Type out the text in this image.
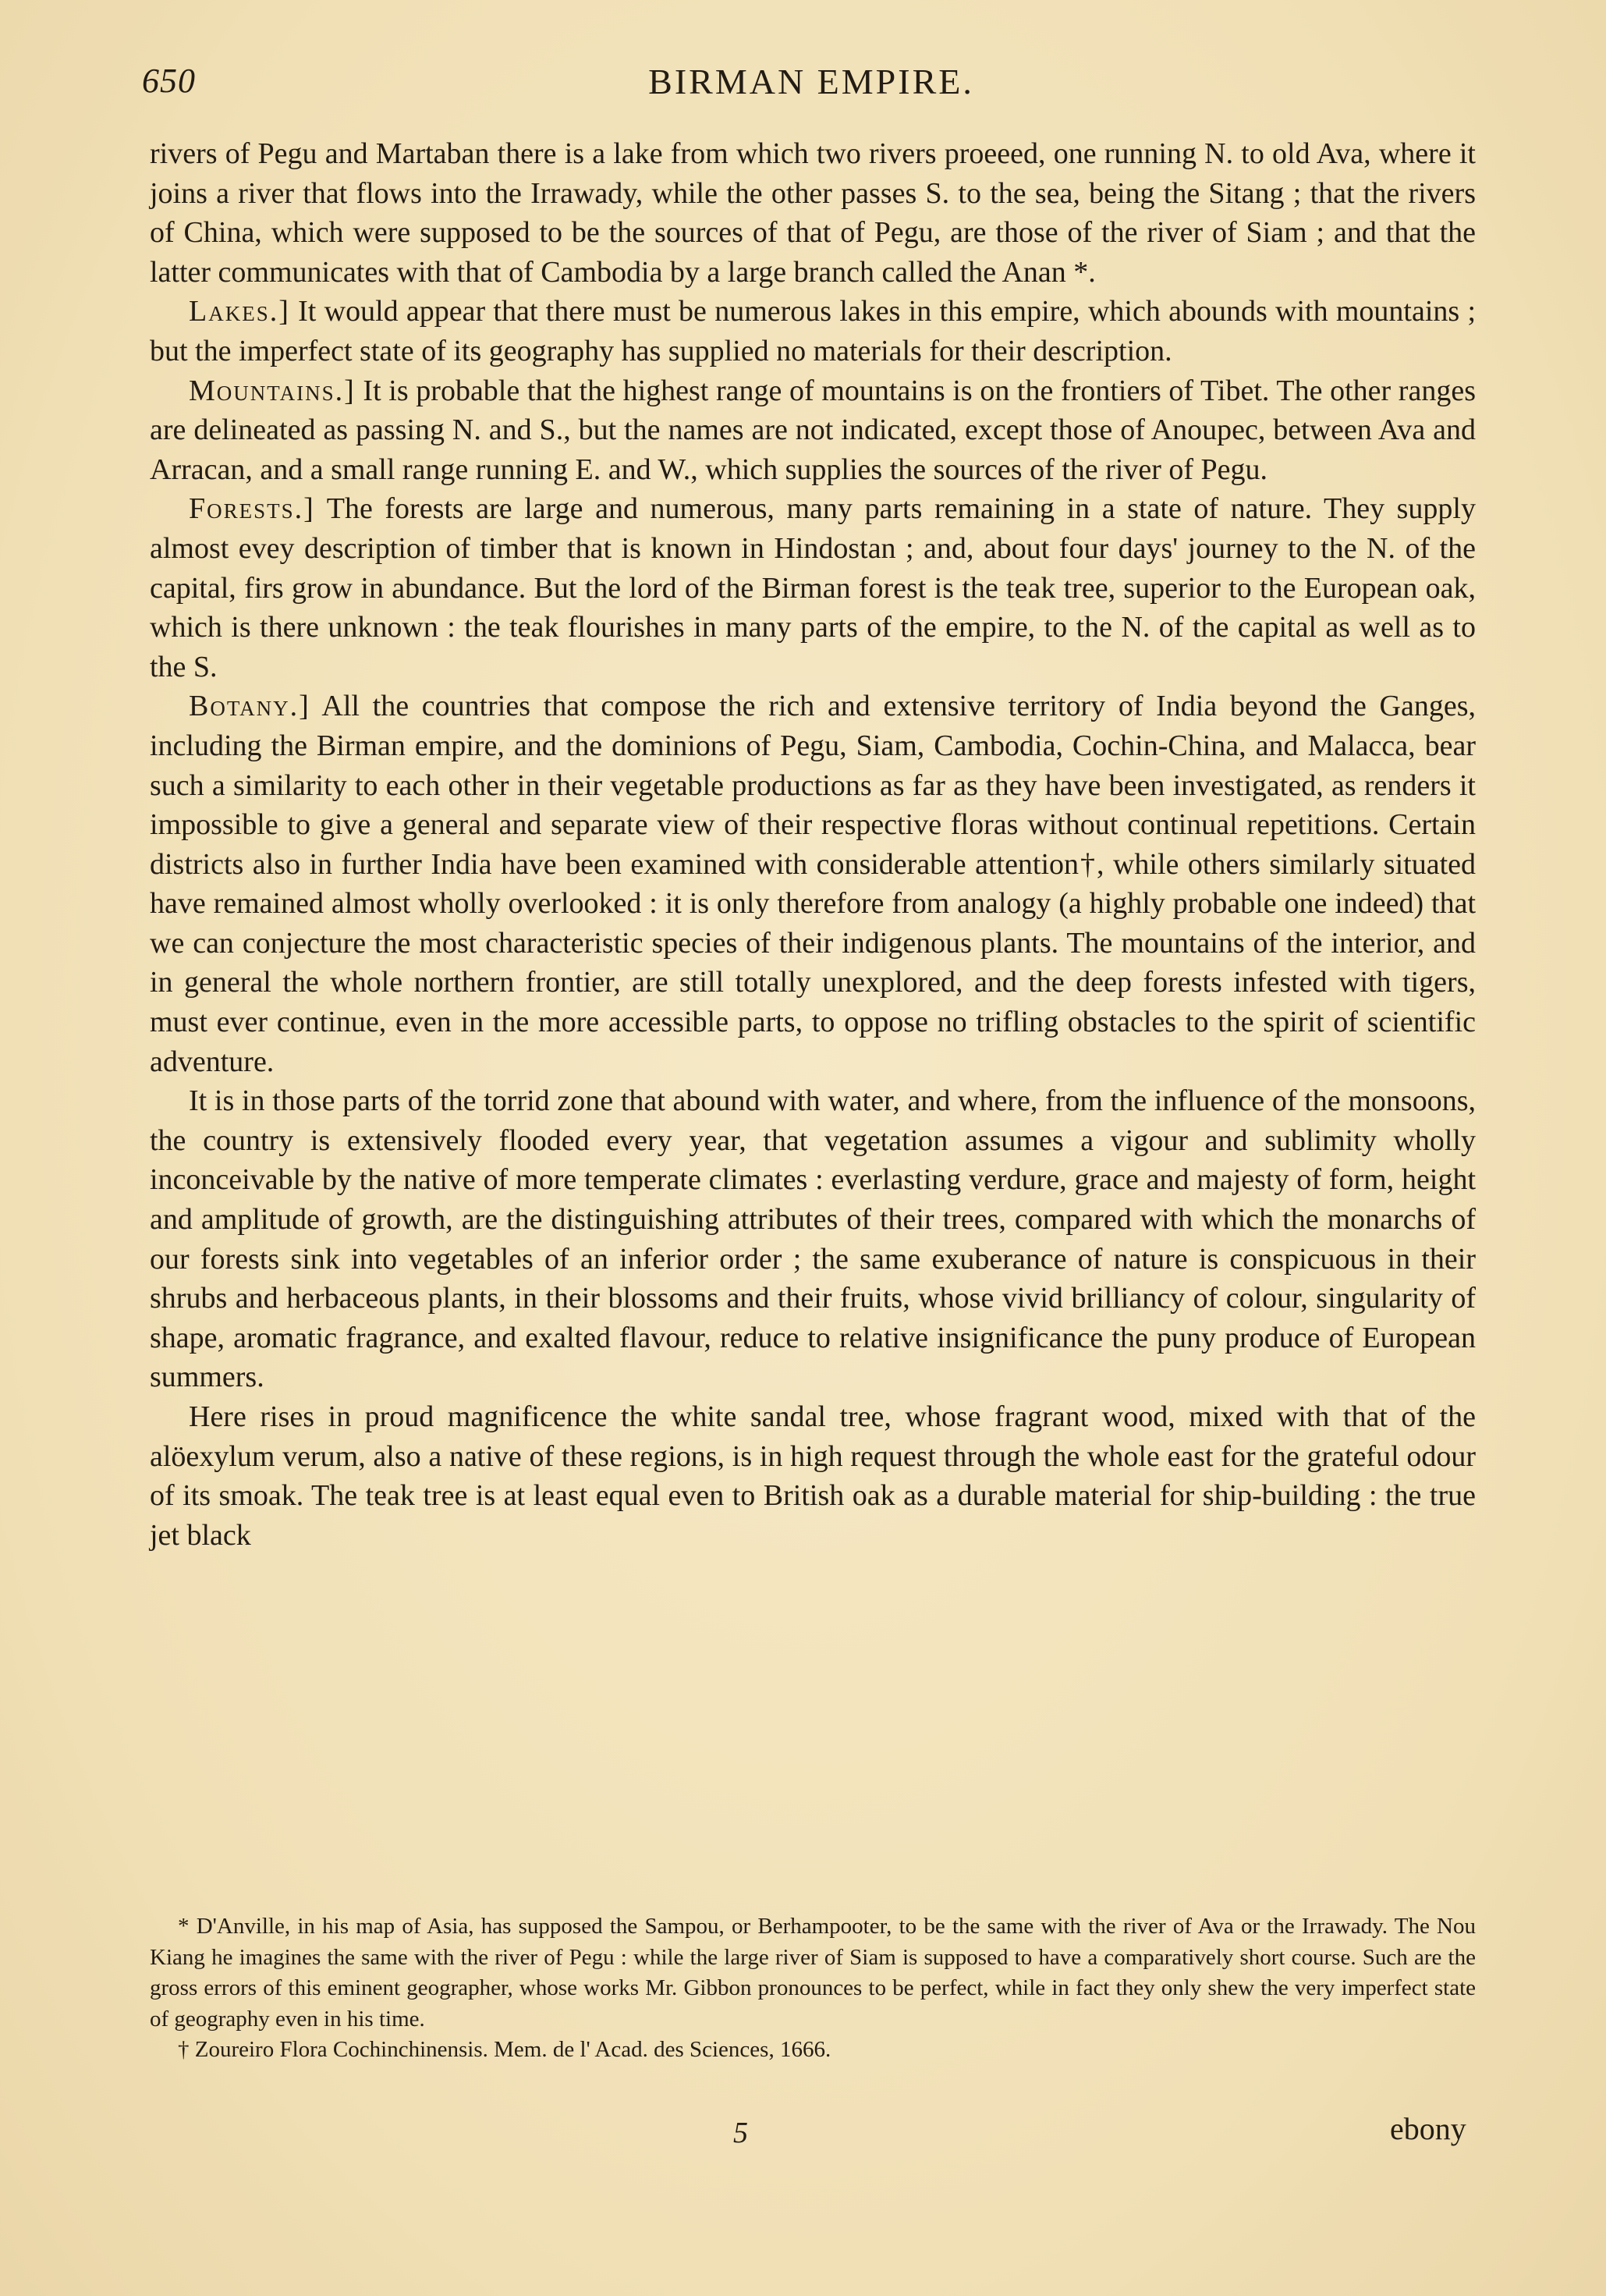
650	BIRMAN EMPIRE.

rivers of Pegu and Martaban there is a lake from which two rivers proeeed, one running N. to old Ava, where it joins a river that flows into the Irrawady, while the other passes S. to the sea, being the Sitang ; that the rivers of China, which were supposed to be the sources of that of Pegu, are those of the river of Siam ; and that the latter communicates with that of Cambodia by a large branch called the Anan *.

Lakes.] It would appear that there must be numerous lakes in this empire, which abounds with mountains ; but the imperfect state of its geography has supplied no materials for their description.

Mountains.] It is probable that the highest range of mountains is on the frontiers of Tibet. The other ranges are delineated as passing N. and S., but the names are not indicated, except those of Anoupec, between Ava and Arracan, and a small range running E. and W., which supplies the sources of the river of Pegu.

Forests.] The forests are large and numerous, many parts remaining in a state of nature. They supply almost evey description of timber that is known in Hindostan ; and, about four days' journey to the N. of the capital, firs grow in abundance. But the lord of the Birman forest is the teak tree, superior to the European oak, which is there unknown : the teak flourishes in many parts of the empire, to the N. of the capital as well as to the S.

Botany.] All the countries that compose the rich and extensive territory of India beyond the Ganges, including the Birman empire, and the dominions of Pegu, Siam, Cambodia, Cochin-China, and Malacca, bear such a similarity to each other in their vegetable productions as far as they have been investigated, as renders it impossible to give a general and separate view of their respective floras without continual repetitions. Certain districts also in further India have been examined with considerable attention†, while others similarly situated have remained almost wholly overlooked : it is only therefore from analogy (a highly probable one indeed) that we can conjecture the most characteristic species of their indigenous plants. The mountains of the interior, and in general the whole northern frontier, are still totally unexplored, and the deep forests infested with tigers, must ever continue, even in the more accessible parts, to oppose no trifling obstacles to the spirit of scientific adventure.

It is in those parts of the torrid zone that abound with water, and where, from the influence of the monsoons, the country is extensively flooded every year, that vegetation assumes a vigour and sublimity wholly inconceivable by the native of more temperate climates : everlasting verdure, grace and majesty of form, height and amplitude of growth, are the distinguishing attributes of their trees, compared with which the monarchs of our forests sink into vegetables of an inferior order ; the same exuberance of nature is conspicuous in their shrubs and herbaceous plants, in their blossoms and their fruits, whose vivid brilliancy of colour, singularity of shape, aromatic fragrance, and exalted flavour, reduce to relative insignificance the puny produce of European summers.

Here rises in proud magnificence the white sandal tree, whose fragrant wood, mixed with that of the alöexylum verum, also a native of these regions, is in high request through the whole east for the grateful odour of its smoak. The teak tree is at least equal even to British oak as a durable material for ship-building : the true jet black

* D'Anville, in his map of Asia, has supposed the Sampou, or Berhampooter, to be the same with the river of Ava or the Irrawady. The Nou Kiang he imagines the same with the river of Pegu : while the large river of Siam is supposed to have a comparatively short course. Such are the gross errors of this eminent geographer, whose works Mr. Gibbon pronounces to be perfect, while in fact they only shew the very imperfect state of geography even in his time.

† Zoureiro Flora Cochinchinensis. Mem. de l' Acad. des Sciences, 1666.

5	ebony
